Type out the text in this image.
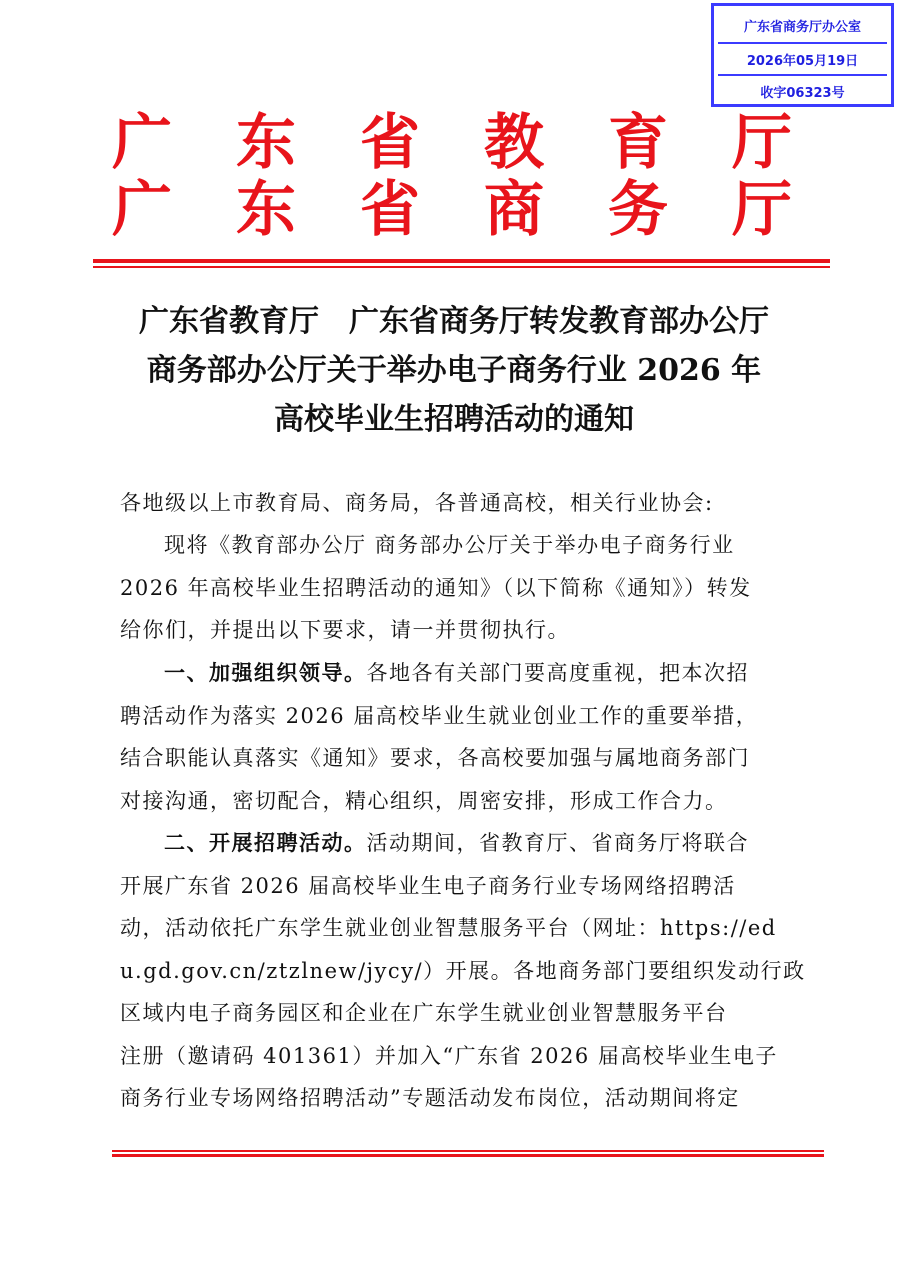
广东省商务厅办公室
2026年05月19日
收字06323号
广 东 省 教 育 厅
广 东 省 商 务 厅
广东省教育厅　广东省商务厅转发教育部办公厅
商务部办公厅关于举办电子商务行业 2026 年
高校毕业生招聘活动的通知
各地级以上市教育局、商务局，各普通高校，相关行业协会:
现将《教育部办公厅 商务部办公厅关于举办电子商务行业
2026 年高校毕业生招聘活动的通知》（以下简称《通知》）转发
给你们，并提出以下要求，请一并贯彻执行。
一、加强组织领导。各地各有关部门要高度重视，把本次招
聘活动作为落实 2026 届高校毕业生就业创业工作的重要举措，
结合职能认真落实《通知》要求，各高校要加强与属地商务部门
对接沟通，密切配合，精心组织，周密安排，形成工作合力。
二、开展招聘活动。活动期间，省教育厅、省商务厅将联合
开展广东省 2026 届高校毕业生电子商务行业专场网络招聘活
动，活动依托广东学生就业创业智慧服务平台（网址：https://ed
u.gd.gov.cn/ztzlnew/jycy/）开展。各地商务部门要组织发动行政
区域内电子商务园区和企业在广东学生就业创业智慧服务平台
注册（邀请码 401361）并加入“广东省 2026 届高校毕业生电子
商务行业专场网络招聘活动”专题活动发布岗位，活动期间将定
